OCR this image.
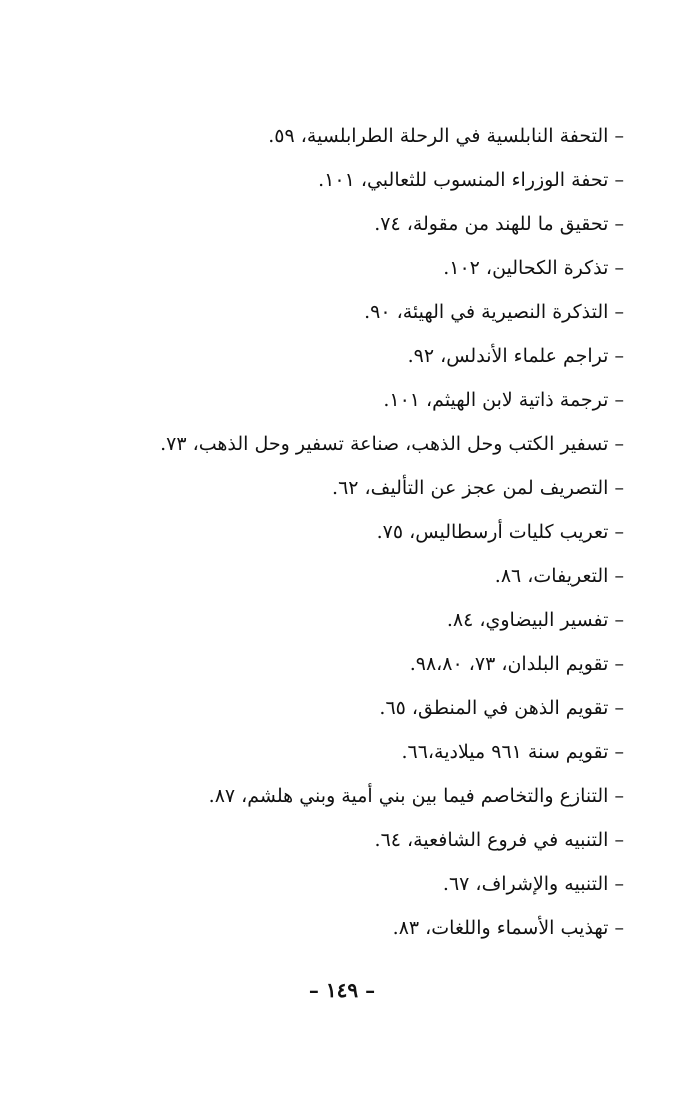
– التحفة النابلسية في الرحلة الطرابلسية، ٥٩.
– تحفة الوزراء المنسوب للثعالبي، ١٠١.
– تحقيق ما للهند من مقولة، ٧٤.
– تذكرة الكحالين، ١٠٢.
– التذكرة النصيرية في الهيئة، ٩٠.
– تراجم علماء الأندلس، ٩٢.
– ترجمة ذاتية لابن الهيثم، ١٠١.
– تسفير الكتب وحل الذهب، صناعة تسفير وحل الذهب، ٧٣.
– التصريف لمن عجز عن التأليف، ٦٢.
– تعريب كليات أرسطاليس، ٧٥.
– التعريفات، ٨٦.
– تفسير البيضاوي، ٨٤.
– تقويم البلدان، ٧٣، ٩٨،٨٠.
– تقويم الذهن في المنطق، ٦٥.
– تقويم سنة ٩٦١ ميلادية،٦٦.
– التنازع والتخاصم فيما بين بني أمية وبني هلشم، ٨٧.
– التنبيه في فروع الشافعية، ٦٤.
– التنبيه والإشراف، ٦٧.
– تهذيب الأسماء واللغات، ٨٣.
– ١٤٩ –
